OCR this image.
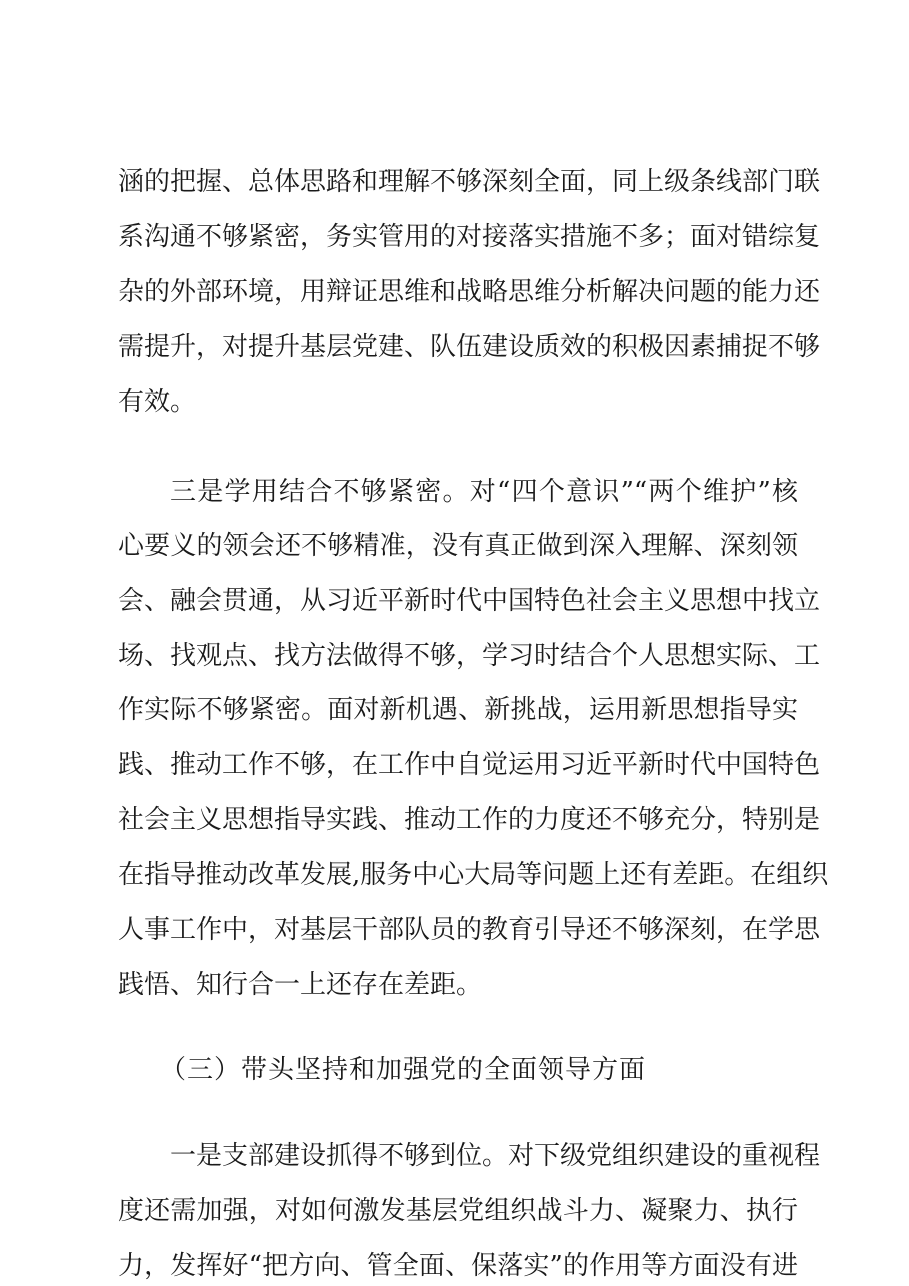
涵的把握、总体思路和理解不够深刻全面，同上级条线部门联

系沟通不够紧密，务实管用的对接落实措施不多；面对错综复

杂的外部环境，用辩证思维和战略思维分析解决问题的能力还

需提升，对提升基层党建、队伍建设质效的积极因素捕捉不够

有效。

三是学用结合不够紧密。对“四个意识”“两个维护”核

心要义的领会还不够精准，没有真正做到深入理解、深刻领

会、融会贯通，从习近平新时代中国特色社会主义思想中找立

场、找观点、找方法做得不够，学习时结合个人思想实际、工

作实际不够紧密。面对新机遇、新挑战，运用新思想指导实

践、推动工作不够，在工作中自觉运用习近平新时代中国特色

社会主义思想指导实践、推动工作的力度还不够充分，特别是

在指导推动改革发展,服务中心大局等问题上还有差距。在组织

人事工作中，对基层干部队员的教育引导还不够深刻，在学思

践悟、知行合一上还存在差距。

（三）带头坚持和加强党的全面领导方面

一是支部建设抓得不够到位。对下级党组织建设的重视程

度还需加强，对如何激发基层党组织战斗力、凝聚力、执行

力，发挥好“把方向、管全面、保落实”的作用等方面没有进
